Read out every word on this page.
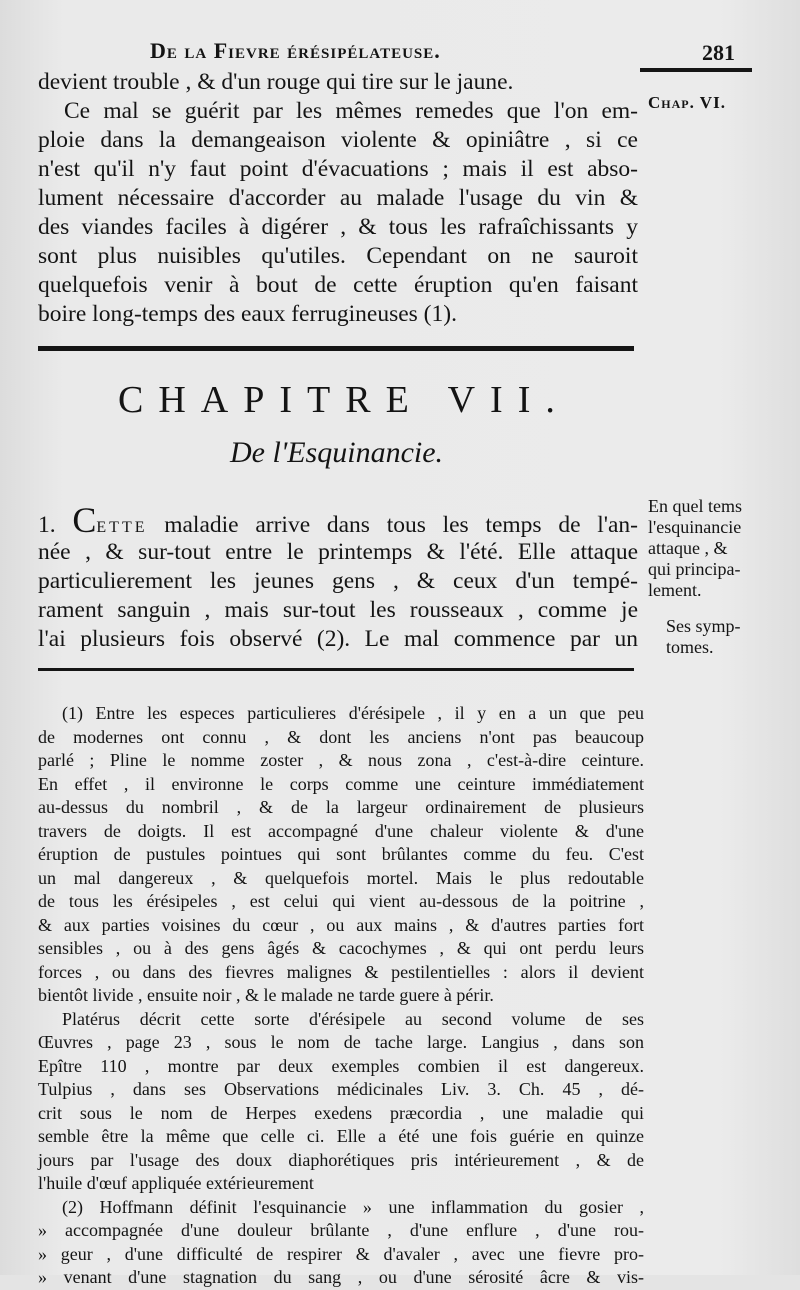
De la Fievre érésipélateuse.	281
Chap. VI.
devient trouble , & d'un rouge qui tire sur le jaune.
Ce mal se guérit par les mêmes remedes que l'on em-
ploie dans la demangeaison violente & opiniâtre , si ce
n'est qu'il n'y faut point d'évacuations ; mais il est abso-
lument nécessaire d'accorder au malade l'usage du vin &
des viandes faciles à digérer , & tous les rafraîchissants y
sont plus nuisibles qu'utiles. Cependant on ne sauroit
quelquefois venir à bout de cette éruption qu'en faisant
boire long-temps des eaux ferrugineuses (1).
CHAPITRE VII.
De l'Esquinancie.
1. Cette maladie arrive dans tous les temps de l'an-
née , & sur-tout entre le printemps & l'été. Elle attaque
particulierement les jeunes gens , & ceux d'un tempé-
rament sanguin , mais sur-tout les rousseaux , comme je
l'ai plusieurs fois observé (2). Le mal commence par un
En quel tems
l'esquinancie
attaque , &
qui principa-
lement.
Ses symp-
tomes.
(1) Entre les especes particulieres d'érésipele , il y en a un que peu
de modernes ont connu , & dont les anciens n'ont pas beaucoup
parlé ; Pline le nomme zoster , & nous zona , c'est-à-dire ceinture.
En effet , il environne le corps comme une ceinture immédiatement
au-dessus du nombril , & de la largeur ordinairement de plusieurs
travers de doigts. Il est accompagné d'une chaleur violente & d'une
éruption de pustules pointues qui sont brûlantes comme du feu. C'est
un mal dangereux , & quelquefois mortel. Mais le plus redoutable
de tous les érésipeles , est celui qui vient au-dessous de la poitrine ,
& aux parties voisines du cœur , ou aux mains , & d'autres parties fort
sensibles , ou à des gens âgés & cacochymes , & qui ont perdu leurs
forces , ou dans des fievres malignes & pestilentielles : alors il devient
bientôt livide , ensuite noir , & le malade ne tarde guere à périr.
Platérus décrit cette sorte d'érésipele au second volume de ses
Œuvres , page 23 , sous le nom de tache large. Langius , dans son
Epître 110 , montre par deux exemples combien il est dangereux.
Tulpius , dans ses Observations médicinales Liv. 3. Ch. 45 , dé-
crit sous le nom de Herpes exedens præcordia , une maladie qui
semble être la même que celle ci. Elle a été une fois guérie en quinze
jours par l'usage des doux diaphorétiques pris intérieurement , & de
l'huile d'œuf appliquée extérieurement
(2) Hoffmann définit l'esquinancie » une inflammation du gosier ,
» accompagnée d'une douleur brûlante , d'une enflure , d'une rou-
» geur , d'une difficulté de respirer & d'avaler , avec une fievre pro-
» venant d'une stagnation du sang , ou d'une sérosité âcre & vis-
